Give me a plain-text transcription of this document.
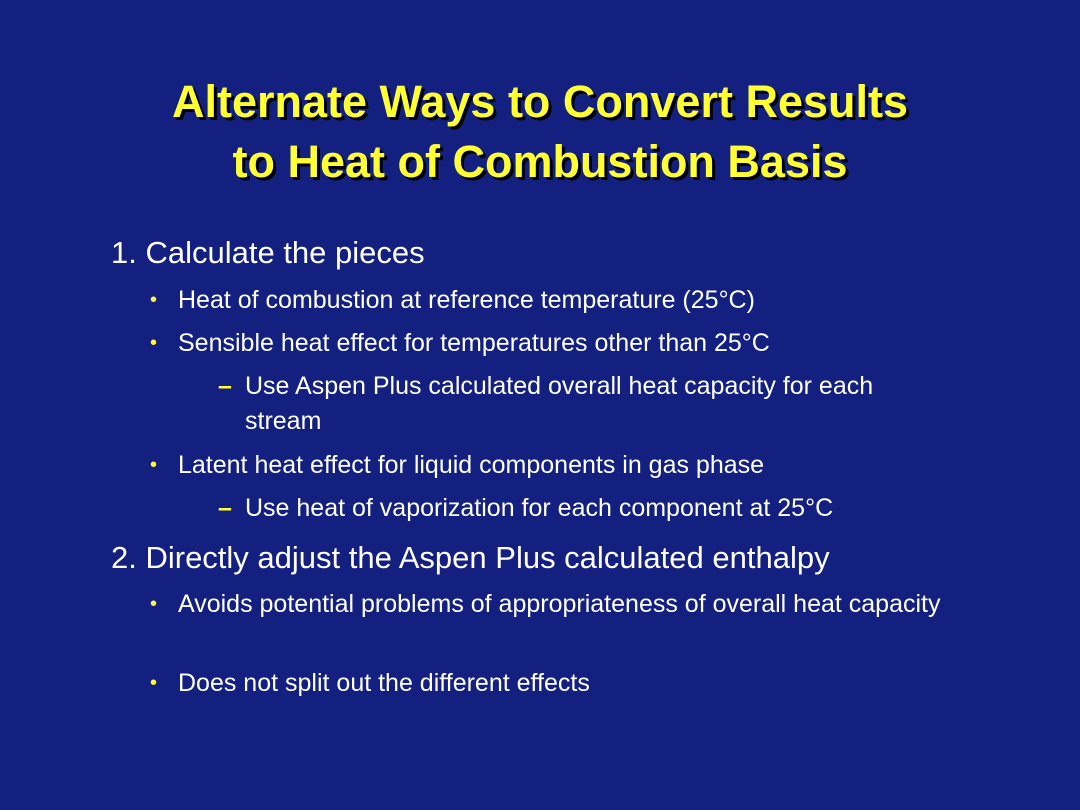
Alternate Ways to Convert Results
to Heat of Combustion Basis
1. Calculate the pieces
• Heat of combustion at reference temperature (25°C)
• Sensible heat effect for temperatures other than 25°C
– Use Aspen Plus calculated overall heat capacity for each stream
• Latent heat effect for liquid components in gas phase
– Use heat of vaporization for each component at 25°C
2. Directly adjust the Aspen Plus calculated enthalpy
• Avoids potential problems of appropriateness of overall heat capacity
• Does not split out the different effects
